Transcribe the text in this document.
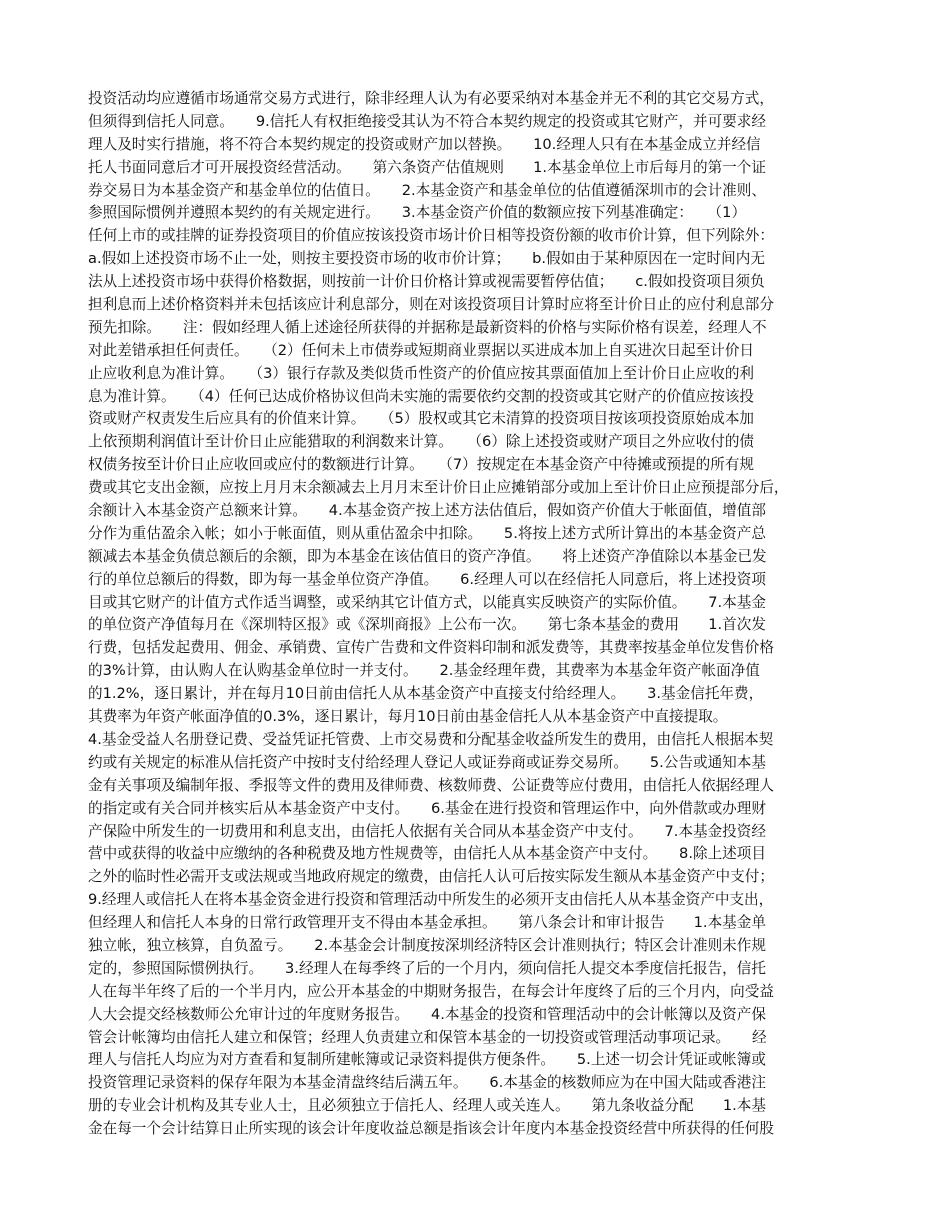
投资活动均应遵循市场通常交易方式进行，除非经理人认为有必要采纳对本基金并无不利的其它交易方式，
但须得到信托人同意。　　9.信托人有权拒绝接受其认为不符合本契约规定的投资或其它财产，并可要求经
理人及时实行措施，将不符合本契约规定的投资或财产加以替换。　　10.经理人只有在本基金成立并经信
托人书面同意后才可开展投资经营活动。　　第六条资产估值规则　　1.本基金单位上市后每月的第一个证
券交易日为本基金资产和基金单位的估值日。　　2.本基金资产和基金单位的估值遵循深圳市的会计准则、
参照国际惯例并遵照本契约的有关规定进行。　　3.本基金资产价值的数额应按下列基准确定：　　（1）
任何上市的或挂牌的证券投资项目的价值应按该投资市场计价日相等投资份额的收市价计算，但下列除外：
a.假如上述投资市场不止一处，则按主要投资市场的收市价计算；　　b.假如由于某种原因在一定时间内无
法从上述投资市场中获得价格数据，则按前一计价日价格计算或视需要暂停估值；　　c.假如投资项目须负
担利息而上述价格资料并未包括该应计利息部分，则在对该投资项目计算时应将至计价日止的应付利息部分
预先扣除。　　注：假如经理人循上述途径所获得的并据称是最新资料的价格与实际价格有误差，经理人不
对此差错承担任何责任。　　（2）任何未上市债券或短期商业票据以买进成本加上自买进次日起至计价日
止应收利息为准计算。　　（3）银行存款及类似货币性资产的价值应按其票面值加上至计价日止应收的利
息为准计算。　　（4）任何已达成价格协议但尚未实施的需要依约交割的投资或其它财产的价值应按该投
资或财产权责发生后应具有的价值来计算。　　（5）股权或其它未清算的投资项目按该项投资原始成本加
上依预期利润值计至计价日止应能猎取的利润数来计算。　　（6）除上述投资或财产项目之外应收付的债
权债务按至计价日止应收回或应付的数额进行计算。　　（7）按规定在本基金资产中待摊或预提的所有规
费或其它支出金额，应按上月月末余额减去上月月末至计价日止应摊销部分或加上至计价日止应预提部分后，
余额计入本基金资产总额来计算。　　4.本基金资产按上述方法估值后，假如资产价值大于帐面值，增值部
分作为重估盈余入帐；如小于帐面值，则从重估盈余中扣除。　　5.将按上述方式所计算出的本基金资产总
额减去本基金负债总额后的余额，即为本基金在该估值日的资产净值。　　将上述资产净值除以本基金已发
行的单位总额后的得数，即为每一基金单位资产净值。　　6.经理人可以在经信托人同意后，将上述投资项
目或其它财产的计值方式作适当调整，或采纳其它计值方式，以能真实反映资产的实际价值。　　7.本基金
的单位资产净值每月在《深圳特区报》或《深圳商报》上公布一次。　　第七条本基金的费用　　1.首次发
行费，包括发起费用、佣金、承销费、宣传广告费和文件资料印制和派发费等，其费率按基金单位发售价格
的3%计算，由认购人在认购基金单位时一并支付。　　2.基金经理年费，其费率为本基金年资产帐面净值
的1.2%，逐日累计，并在每月10日前由信托人从本基金资产中直接支付给经理人。　　3.基金信托年费，
其费率为年资产帐面净值的0.3%，逐日累计，每月10日前由基金信托人从本基金资产中直接提取。
4.基金受益人名册登记费、受益凭证托管费、上市交易费和分配基金收益所发生的费用，由信托人根据本契
约或有关规定的标准从信托资产中按时支付给经理人登记人或证券商或证券交易所。　　5.公告或通知本基
金有关事项及编制年报、季报等文件的费用及律师费、核数师费、公证费等应付费用，由信托人依据经理人
的指定或有关合同并核实后从本基金资产中支付。　　6.基金在进行投资和管理运作中，向外借款或办理财
产保险中所发生的一切费用和利息支出，由信托人依据有关合同从本基金资产中支付。　　7.本基金投资经
营中或获得的收益中应缴纳的各种税费及地方性规费等，由信托人从本基金资产中支付。　　8.除上述项目
之外的临时性必需开支或法规或当地政府规定的缴费，由信托人认可后按实际发生额从本基金资产中支付；
9.经理人或信托人在将本基金资金进行投资和管理活动中所发生的必须开支由信托人从本基金资产中支出，
但经理人和信托人本身的日常行政管理开支不得由本基金承担。　　第八条会计和审计报告　　1.本基金单
独立帐，独立核算，自负盈亏。　　2.本基金会计制度按深圳经济特区会计准则执行；特区会计准则未作规
定的，参照国际惯例执行。　　3.经理人在每季终了后的一个月内，须向信托人提交本季度信托报告，信托
人在每半年终了后的一个半月内，应公开本基金的中期财务报告，在每会计年度终了后的三个月内，向受益
人大会提交经核数师公允审计过的年度财务报告。　　4.本基金的投资和管理活动中的会计帐簿以及资产保
管会计帐簿均由信托人建立和保管；经理人负责建立和保管本基金的一切投资或管理活动事项记录。　　经
理人与信托人均应为对方查看和复制所建帐簿或记录资料提供方便条件。　　5.上述一切会计凭证或帐簿或
投资管理记录资料的保存年限为本基金清盘终结后满五年。　　6.本基金的核数师应为在中国大陆或香港注
册的专业会计机构及其专业人士，且必须独立于信托人、经理人或关连人。　　第九条收益分配　　1.本基
金在每一个会计结算日止所实现的该会计年度收益总额是指该会计年度内本基金投资经营中所获得的任何股
